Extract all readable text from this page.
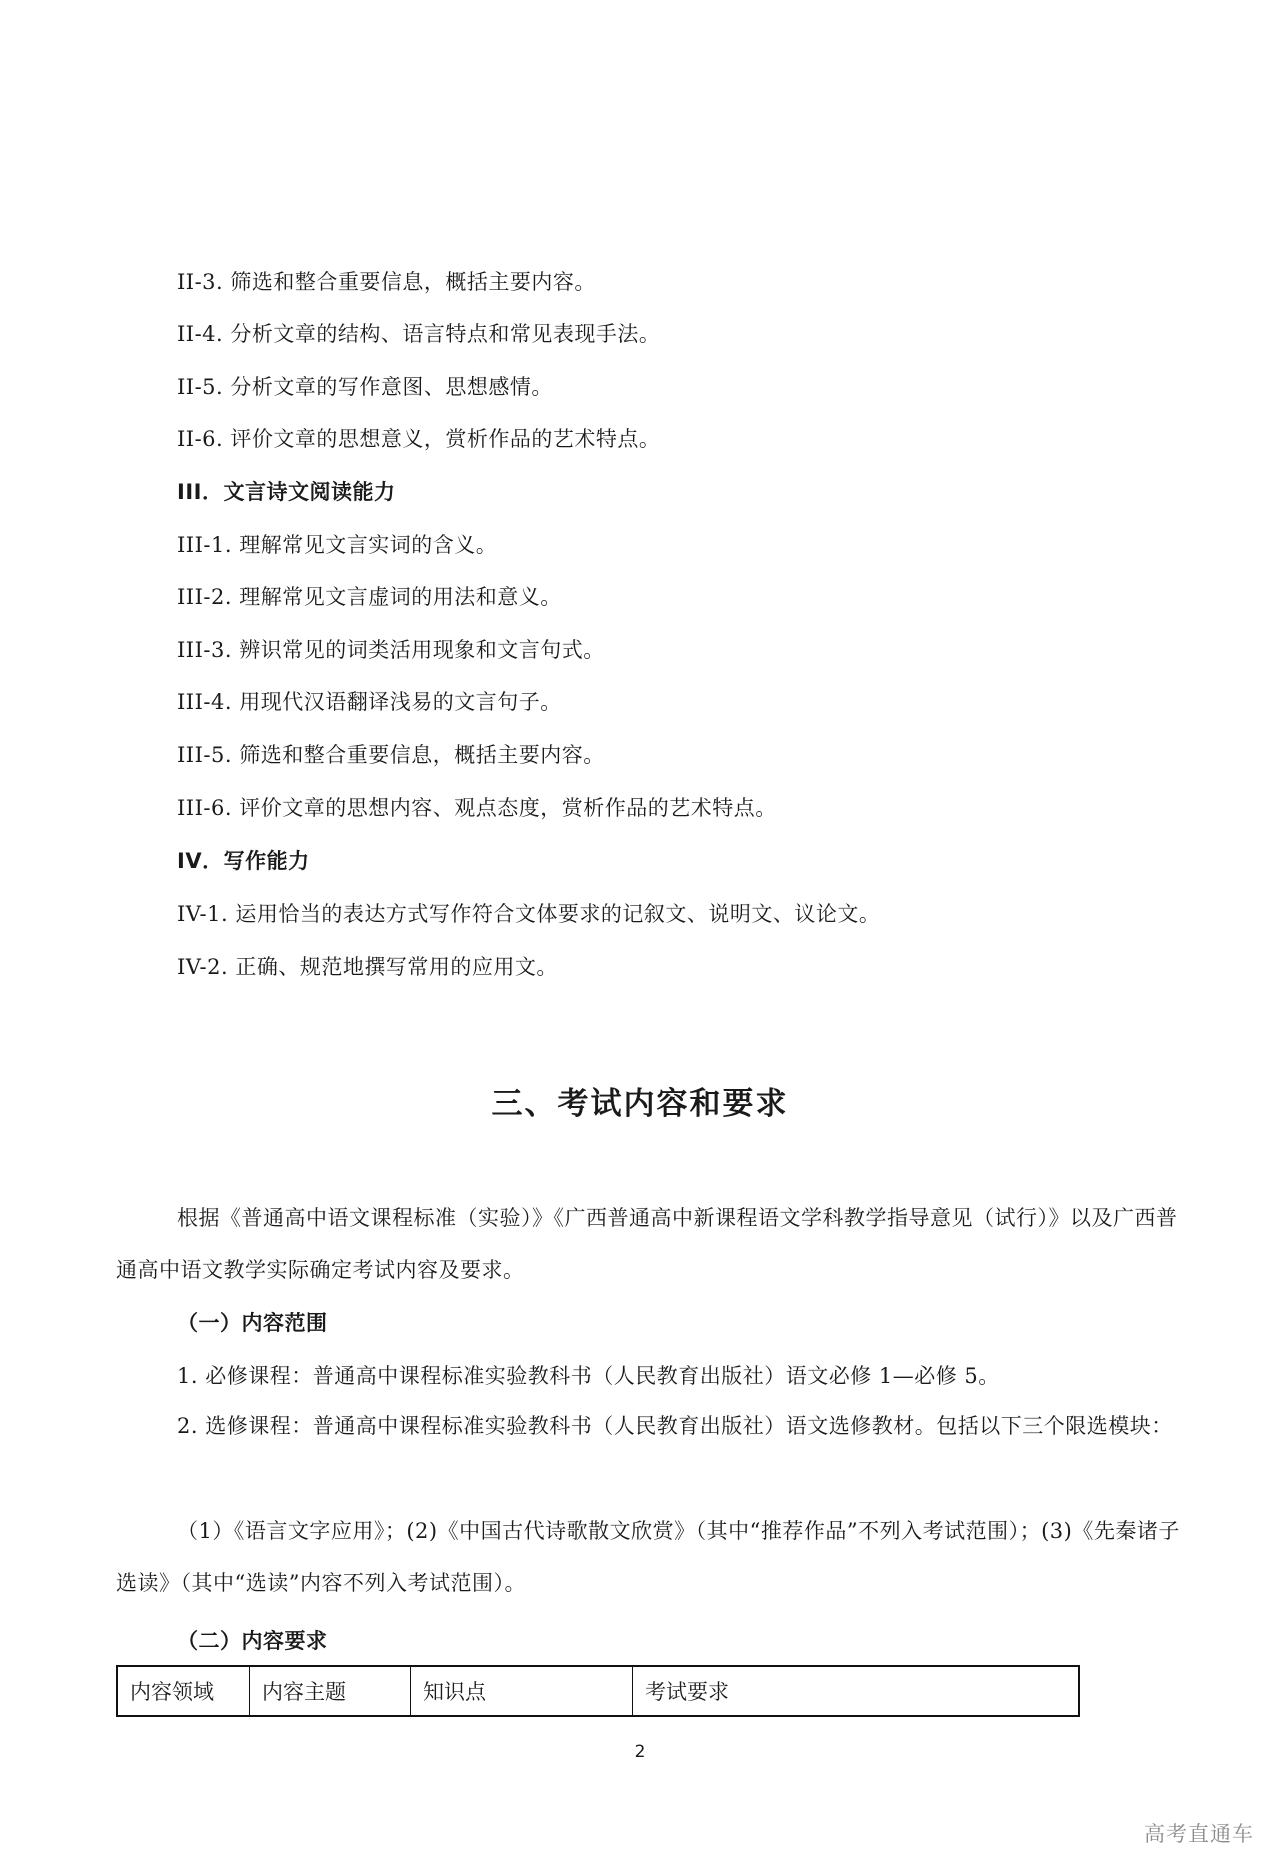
II-3. 筛选和整合重要信息，概括主要内容。
II-4. 分析文章的结构、语言特点和常见表现手法。
II-5. 分析文章的写作意图、思想感情。
II-6. 评价文章的思想意义，赏析作品的艺术特点。
III．文言诗文阅读能力
III-1. 理解常见文言实词的含义。
III-2. 理解常见文言虚词的用法和意义。
III-3. 辨识常见的词类活用现象和文言句式。
III-4. 用现代汉语翻译浅易的文言句子。
III-5. 筛选和整合重要信息，概括主要内容。
III-6. 评价文章的思想内容、观点态度，赏析作品的艺术特点。
IV．写作能力
IV-1. 运用恰当的表达方式写作符合文体要求的记叙文、说明文、议论文。
IV-2. 正确、规范地撰写常用的应用文。
三、考试内容和要求
根据《普通高中语文课程标准（实验）》《广西普通高中新课程语文学科教学指导意见（试行）》以及广西普通高中语文教学实际确定考试内容及要求。
（一）内容范围
1. 必修课程：普通高中课程标准实验教科书（人民教育出版社）语文必修 1—必修 5。
2. 选修课程：普通高中课程标准实验教科书（人民教育出版社）语文选修教材。包括以下三个限选模块：
（1）《语言文字应用》；(2)《中国古代诗歌散文欣赏》（其中“推荐作品”不列入考试范围）；(3)《先秦诸子选读》（其中“选读”内容不列入考试范围）。
（二）内容要求
内容领域	内容主题	知识点	考试要求
2
高考直通车
